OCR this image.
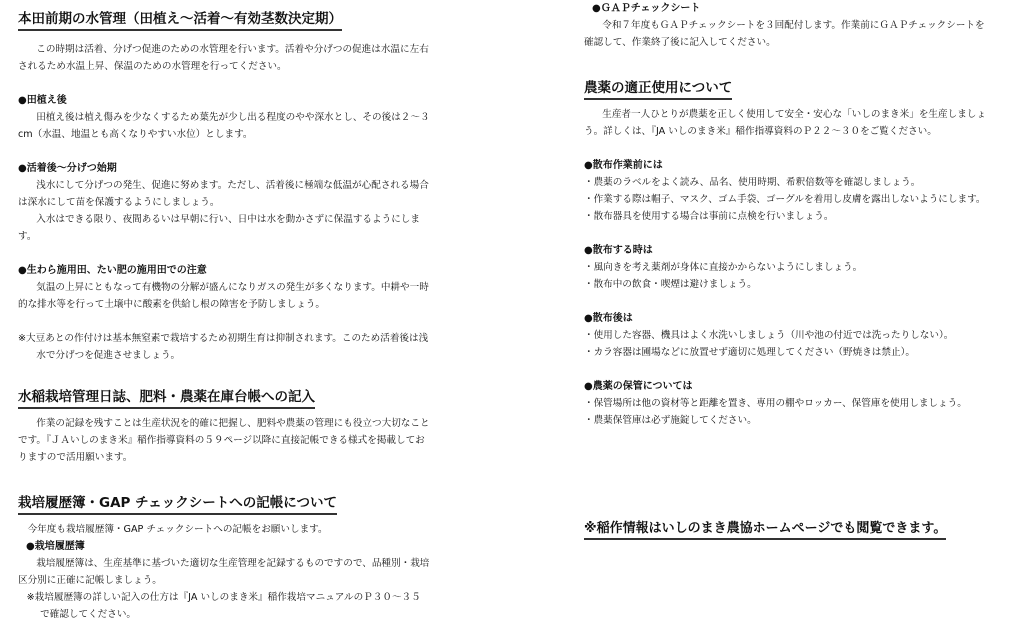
本田前期の水管理（田植え～活着～有効茎数決定期）

この時期は活着、分げつ促進のための水管理を行います。活着や分げつの促進は水温に左右されるため水温上昇、保温のための水管理を行ってください。

●田植え後

田植え後は植え傷みを少なくするため葉先が少し出る程度のやや深水とし、その後は２～３cm（水温、地温とも高くなりやすい水位）とします。

●活着後～分げつ始期

浅水にして分げつの発生、促進に努めます。ただし、活着後に極端な低温が心配される場合は深水にして苗を保護するようにしましょう。

入水はできる限り、夜間あるいは早朝に行い、日中は水を動かさずに保温するようにします。

●生わら施用田、たい肥の施用田での注意

気温の上昇にともなって有機物の分解が盛んになりガスの発生が多くなります。中耕や一時的な排水等を行って土壌中に酸素を供給し根の障害を予防しましょう。

※大豆あとの作付けは基本無窒素で栽培するため初期生育は抑制されます。このため活着後は浅水で分げつを促進させましょう。

水稲栽培管理日誌、肥料・農薬在庫台帳への記入

作業の記録を残すことは生産状況を的確に把握し、肥料や農薬の管理にも役立つ大切なことです。『ＪＡいしのまき米』稲作指導資料の５９ページ以降に直接記帳できる様式を掲載しておりますので活用願います。

栽培履歴簿・GAP チェックシートへの記帳について

今年度も栽培履歴簿・GAP チェックシートへの記帳をお願いします。

●栽培履歴簿

栽培履歴簿は、生産基準に基づいた適切な生産管理を記録するものですので、品種別・栽培区分別に正確に記帳しましょう。

※栽培履歴簿の詳しい記入の仕方は『JA いしのまき米』稲作栽培マニュアルのＰ３０～３５で確認してください。

●ＧＡＰチェックシート

令和７年度もＧＡＰチェックシートを３回配付します。作業前にＧＡＰチェックシートを確認して、作業終了後に記入してください。

農薬の適正使用について

生産者一人ひとりが農薬を正しく使用して安全・安心な「いしのまき米」を生産しましょう。詳しくは、『JA いしのまき米』稲作指導資料のＰ２２～３０をご覧ください。

●散布作業前には

・農薬のラベルをよく読み、品名、使用時期、希釈倍数等を確認しましょう。

・作業する際は帽子、マスク、ゴム手袋、ゴーグルを着用し皮膚を露出しないようにします。

・散布器具を使用する場合は事前に点検を行いましょう。

●散布する時は

・風向きを考え薬剤が身体に直接かからないようにしましょう。

・散布中の飲食・喫煙は避けましょう。

●散布後は

・使用した容器、機具はよく水洗いしましょう（川や池の付近では洗ったりしない）。

・カラ容器は圃場などに放置せず適切に処理してください（野焼きは禁止）。

●農薬の保管については

・保管場所は他の資材等と距離を置き、専用の棚やロッカー、保管庫を使用しましょう。

・農薬保管庫は必ず施錠してください。

※稲作情報はいしのまき農協ホームページでも閲覧できます。
